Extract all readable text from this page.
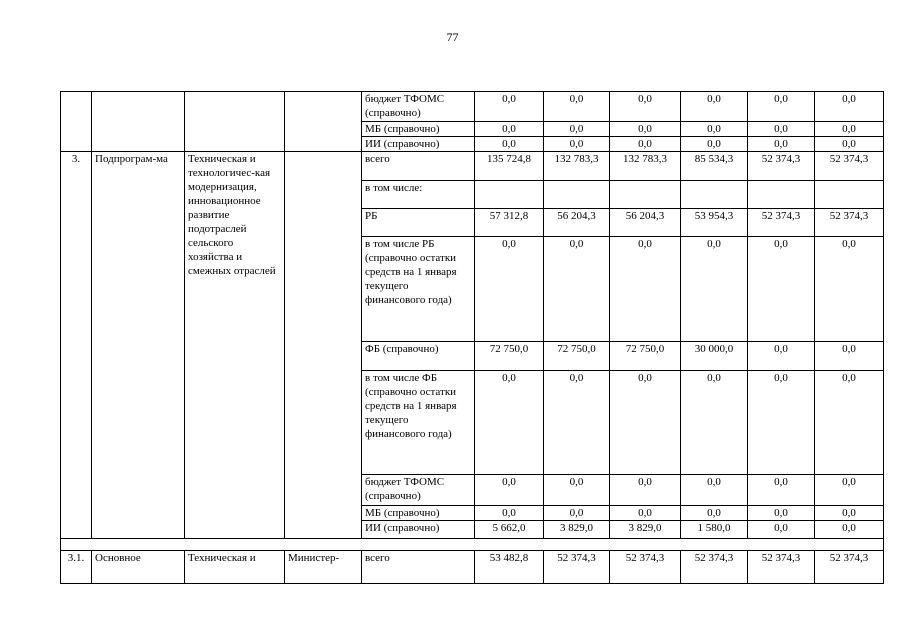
77
				бюджет ТФОМС (справочно)	0,0	0,0	0,0	0,0	0,0	0,0
				МБ (справочно)	0,0	0,0	0,0	0,0	0,0	0,0
				ИИ (справочно)	0,0	0,0	0,0	0,0	0,0	0,0
3.	Подпрограм-ма	Техническая и технологичес-кая модернизация, инновационное развитие подотраслей сельского хозяйства и смежных отраслей		всего	135 724,8	132 783,3	132 783,3	85 534,3	52 374,3	52 374,3
				в том числе:						
				РБ	57 312,8	56 204,3	56 204,3	53 954,3	52 374,3	52 374,3
				в том числе РБ (справочно остатки средств на 1 января текущего финансового года)	0,0	0,0	0,0	0,0	0,0	0,0
				ФБ (справочно)	72 750,0	72 750,0	72 750,0	30 000,0	0,0	0,0
				в том числе ФБ (справочно остатки средств на 1 января текущего финансового года)	0,0	0,0	0,0	0,0	0,0	0,0
				бюджет ТФОМС (справочно)	0,0	0,0	0,0	0,0	0,0	0,0
				МБ (справочно)	0,0	0,0	0,0	0,0	0,0	0,0
				ИИ (справочно)	5 662,0	3 829,0	3 829,0	1 580,0	0,0	0,0

3.1.	Основное	Техническая и	Министер-	всего	53 482,8	52 374,3	52 374,3	52 374,3	52 374,3	52 374,3
